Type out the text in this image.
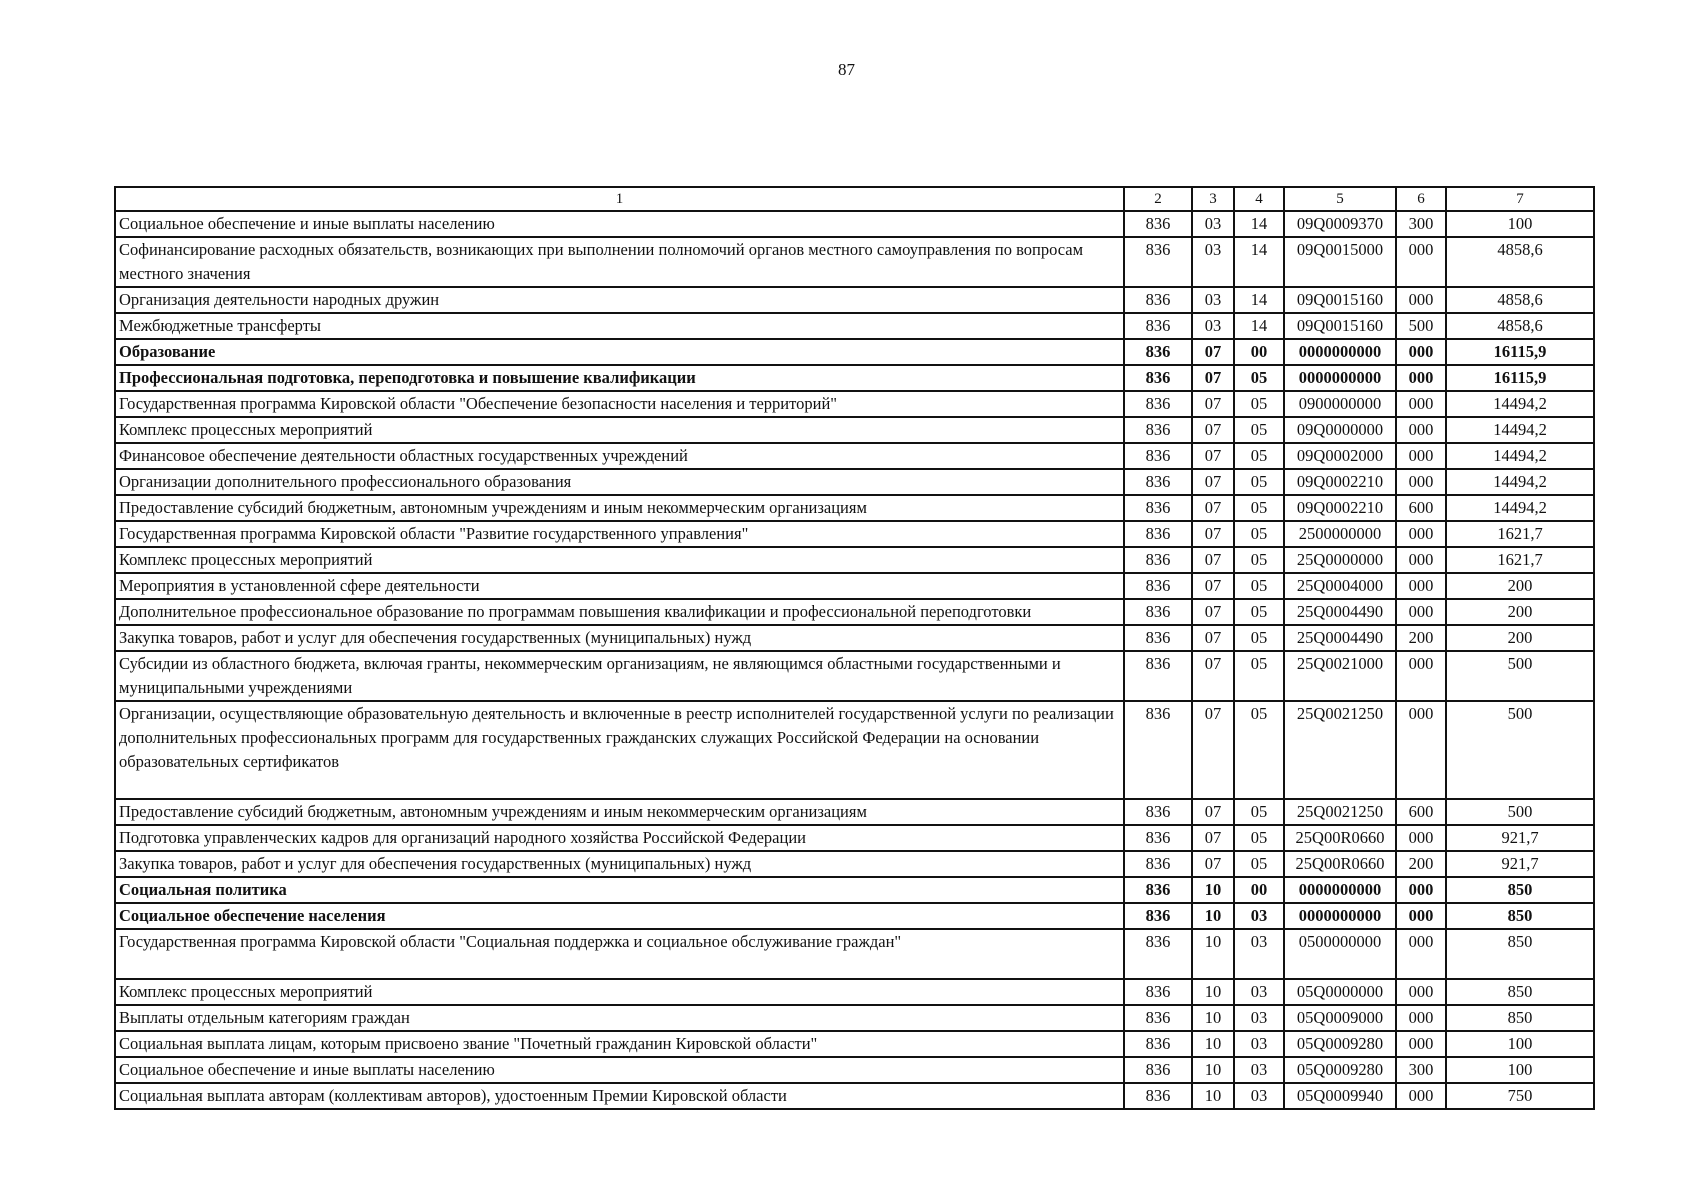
87
1	2	3	4	5	6	7
Социальное обеспечение и иные выплаты населению	836	03	14	09Q0009370	300	100
Софинансирование расходных обязательств, возникающих при выполнении полномочий органов местного самоуправления по вопросам местного значения	836	03	14	09Q0015000	000	4858,6
Организация деятельности народных дружин	836	03	14	09Q0015160	000	4858,6
Межбюджетные трансферты	836	03	14	09Q0015160	500	4858,6
Образование	836	07	00	0000000000	000	16115,9
Профессиональная подготовка, переподготовка и повышение квалификации	836	07	05	0000000000	000	16115,9
Государственная программа Кировской области "Обеспечение безопасности населения и территорий"	836	07	05	0900000000	000	14494,2
Комплекс процессных мероприятий	836	07	05	09Q0000000	000	14494,2
Финансовое обеспечение деятельности областных государственных учреждений	836	07	05	09Q0002000	000	14494,2
Организации дополнительного профессионального образования	836	07	05	09Q0002210	000	14494,2
Предоставление субсидий бюджетным, автономным учреждениям и иным некоммерческим организациям	836	07	05	09Q0002210	600	14494,2
Государственная программа Кировской области "Развитие государственного управления"	836	07	05	2500000000	000	1621,7
Комплекс процессных мероприятий	836	07	05	25Q0000000	000	1621,7
Мероприятия в установленной сфере деятельности	836	07	05	25Q0004000	000	200
Дополнительное профессиональное образование по программам повышения квалификации и профессиональной переподготовки	836	07	05	25Q0004490	000	200
Закупка товаров, работ и услуг для обеспечения государственных (муниципальных) нужд	836	07	05	25Q0004490	200	200
Субсидии из областного бюджета, включая гранты, некоммерческим организациям, не являющимся областными государственными и муниципальными учреждениями	836	07	05	25Q0021000	000	500
Организации, осуществляющие образовательную деятельность и включенные в реестр исполнителей государственной услуги по реализации дополнительных профессиональных программ для государственных гражданских служащих Российской Федерации на основании образовательных сертификатов	836	07	05	25Q0021250	000	500
Предоставление субсидий бюджетным, автономным учреждениям и иным некоммерческим организациям	836	07	05	25Q0021250	600	500
Подготовка управленческих кадров для организаций народного хозяйства Российской Федерации	836	07	05	25Q00R0660	000	921,7
Закупка товаров, работ и услуг для обеспечения государственных (муниципальных) нужд	836	07	05	25Q00R0660	200	921,7
Социальная политика	836	10	00	0000000000	000	850
Социальное обеспечение населения	836	10	03	0000000000	000	850
Государственная программа Кировской области "Социальная поддержка и социальное обслуживание граждан"	836	10	03	0500000000	000	850
Комплекс процессных мероприятий	836	10	03	05Q0000000	000	850
Выплаты отдельным категориям граждан	836	10	03	05Q0009000	000	850
Социальная выплата лицам, которым присвоено звание "Почетный гражданин Кировской области"	836	10	03	05Q0009280	000	100
Социальное обеспечение и иные выплаты населению	836	10	03	05Q0009280	300	100
Социальная выплата авторам (коллективам авторов), удостоенным Премии Кировской области	836	10	03	05Q0009940	000	750
